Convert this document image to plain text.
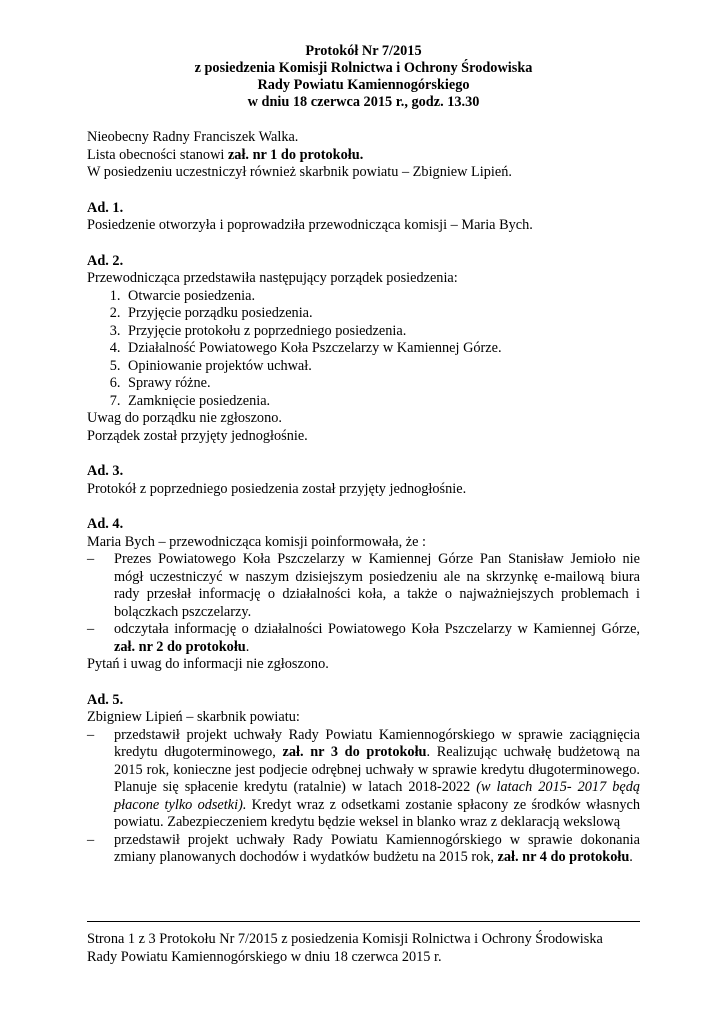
Protokół Nr 7/2015
z posiedzenia Komisji Rolnictwa i Ochrony Środowiska
Rady Powiatu Kamiennogórskiego
w dniu 18 czerwca 2015 r., godz. 13.30

Nieobecny Radny Franciszek Walka.

Lista obecności stanowi zał. nr 1 do protokołu.

W posiedzeniu uczestniczył również skarbnik powiatu – Zbigniew Lipień.

Ad. 1.

Posiedzenie otworzyła i poprowadziła przewodnicząca komisji – Maria Bych.

Ad. 2.

Przewodnicząca przedstawiła następujący porządek posiedzenia:

1. Otwarcie posiedzenia.
2. Przyjęcie porządku posiedzenia.
3. Przyjęcie protokołu z poprzedniego posiedzenia.
4. Działalność Powiatowego Koła Pszczelarzy w Kamiennej Górze.
5. Opiniowanie projektów uchwał.
6. Sprawy różne.
7. Zamknięcie posiedzenia.

Uwag do porządku nie zgłoszono.

Porządek został przyjęty jednogłośnie.

Ad. 3.

Protokół z poprzedniego posiedzenia został przyjęty jednogłośnie.

Ad. 4.

Maria Bych – przewodnicząca komisji poinformowała, że :

– Prezes Powiatowego Koła Pszczelarzy w Kamiennej Górze Pan Stanisław Jemioło nie mógł uczestniczyć w naszym dzisiejszym posiedzeniu ale na skrzynkę e-mailową biura rady przesłał informację o działalności koła, a także o najważniejszych problemach i bolączkach pszczelarzy.
– odczytała informację o działalności Powiatowego Koła Pszczelarzy w Kamiennej Górze, zał. nr 2 do protokołu.

Pytań i uwag do informacji nie zgłoszono.

Ad. 5.

Zbigniew Lipień – skarbnik powiatu:

– przedstawił projekt uchwały Rady Powiatu Kamiennogórskiego w sprawie zaciągnięcia kredytu długoterminowego, zał. nr 3 do protokołu. Realizując uchwałę budżetową na 2015 rok, konieczne jest podjecie odrębnej uchwały w sprawie kredytu długoterminowego. Planuje się spłacenie kredytu (ratalnie) w latach 2018-2022 (w latach 2015- 2017 będą płacone tylko odsetki). Kredyt wraz z odsetkami zostanie spłacony ze środków własnych powiatu. Zabezpieczeniem kredytu będzie weksel in blanko wraz z deklaracją wekslową
– przedstawił projekt uchwały Rady Powiatu Kamiennogórskiego w sprawie dokonania zmiany planowanych dochodów i wydatków budżetu na 2015 rok, zał. nr 4 do protokołu.

Strona 1 z 3 Protokołu Nr 7/2015 z posiedzenia Komisji Rolnictwa i Ochrony Środowiska

Rady Powiatu Kamiennogórskiego w dniu 18 czerwca 2015 r.
